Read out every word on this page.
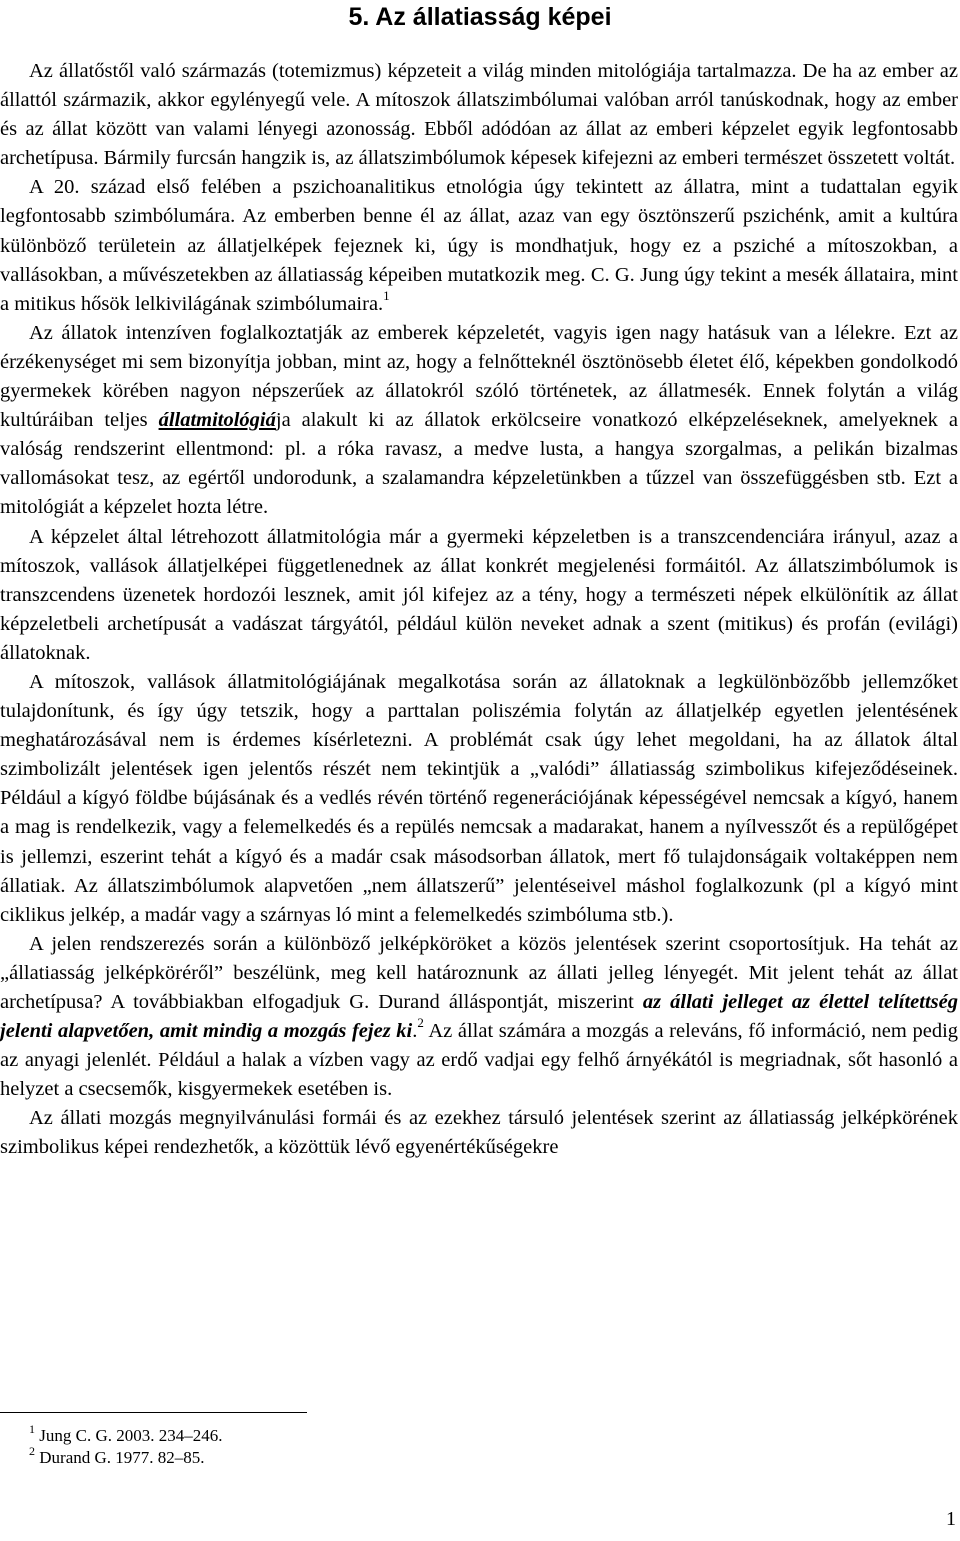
5. Az állatiasság képei

Az állatőstől való származás (totemizmus) képzeteit a világ minden mitológiája tartalmazza. De ha az ember az állattól származik, akkor egylényegű vele. A mítoszok állatszimbólumai valóban arról tanúskodnak, hogy az ember és az állat között van valami lényegi azonosság. Ebből adódóan az állat az emberi képzelet egyik legfontosabb archetípusa. Bármily furcsán hangzik is, az állatszimbólumok képesek kifejezni az emberi természet összetett voltát.

A 20. század első felében a pszichoanalitikus etnológia úgy tekintett az állatra, mint a tudattalan egyik legfontosabb szimbólumára. Az emberben benne él az állat, azaz van egy ösztönszerű pszichénk, amit a kultúra különböző területein az állatjelképek fejeznek ki, úgy is mondhatjuk, hogy ez a psziché a mítoszokban, a vallásokban, a művészetekben az állatiasság képeiben mutatkozik meg. C. G. Jung úgy tekint a mesék állataira, mint a mitikus hősök lelkivilágának szimbólumaira.$^1$

Az állatok intenzíven foglalkoztatják az emberek képzeletét, vagyis igen nagy hatásuk van a lélekre. Ezt az érzékenységet mi sem bizonyítja jobban, mint az, hogy a felnőtteknél ösztönösebb életet élő, képekben gondolkodó gyermekek körében nagyon népszerűek az állatokról szóló történetek, az állatmesék. Ennek folytán a világ kultúráiban teljes állatmitológiája alakult ki az állatok erkölcseire vonatkozó elképzeléseknek, amelyeknek a valóság rendszerint ellentmond: pl. a róka ravasz, a medve lusta, a hangya szorgalmas, a pelikán bizalmas vallomásokat tesz, az egértől undorodunk, a szalamandra képzeletünkben a tűzzel van összefüggésben stb. Ezt a mitológiát a képzelet hozta létre.

A képzelet által létrehozott állatmitológia már a gyermeki képzeletben is a transzcendenciára irányul, azaz a mítoszok, vallások állatjelképei függetlenednek az állat konkrét megjelenési formáitól. Az állatszimbólumok is transzcendens üzenetek hordozói lesznek, amit jól kifejez az a tény, hogy a természeti népek elkülönítik az állat képzeletbeli archetípusát a vadászat tárgyától, például külön neveket adnak a szent (mitikus) és profán (evilági) állatoknak.

A mítoszok, vallások állatmitológiájának megalkotása során az állatoknak a legkülönbözőbb jellemzőket tulajdonítunk, és így úgy tetszik, hogy a parttalan poliszémia folytán az állatjelkép egyetlen jelentésének meghatározásával nem is érdemes kísérletezni. A problémát csak úgy lehet megoldani, ha az állatok által szimbolizált jelentések igen jelentős részét nem tekintjük a „valódi” állatiasság szimbolikus kifejeződéseinek. Például a kígyó földbe bújásának és a vedlés révén történő regenerációjának képességével nemcsak a kígyó, hanem a mag is rendelkezik, vagy a felemelkedés és a repülés nemcsak a madarakat, hanem a nyílvesszőt és a repülőgépet is jellemzi, eszerint tehát a kígyó és a madár csak másodsorban állatok, mert fő tulajdonságaik voltaképpen nem állatiak. Az állatszimbólumok alapvetően „nem állatszerű” jelentéseivel máshol foglalkozunk (pl a kígyó mint ciklikus jelkép, a madár vagy a szárnyas ló mint a felemelkedés szimbóluma stb.).

A jelen rendszerezés során a különböző jelképköröket a közös jelentések szerint csoportosítjuk. Ha tehát az „állatiasság jelképköréről” beszélünk, meg kell határoznunk az állati jelleg lényegét. Mit jelent tehát az állat archetípusa? A továbbiakban elfogadjuk G. Durand álláspontját, miszerint az állati jelleget az élettel telítettség jelenti alapvetően, amit mindig a mozgás fejez ki.$^2$ Az állat számára a mozgás a releváns, fő információ, nem pedig az anyagi jelenlét. Például a halak a vízben vagy az erdő vadjai egy felhő árnyékától is megriadnak, sőt hasonló a helyzet a csecsemők, kisgyermekek esetében is.

Az állati mozgás megnyilvánulási formái és az ezekhez társuló jelentések szerint az állatiasság jelképkörének szimbolikus képei rendezhetők, a közöttük lévő egyenértékűségekre

$^1$ Jung C. G. 2003. 234–246.
$^2$ Durand G. 1977. 82–85.
1
